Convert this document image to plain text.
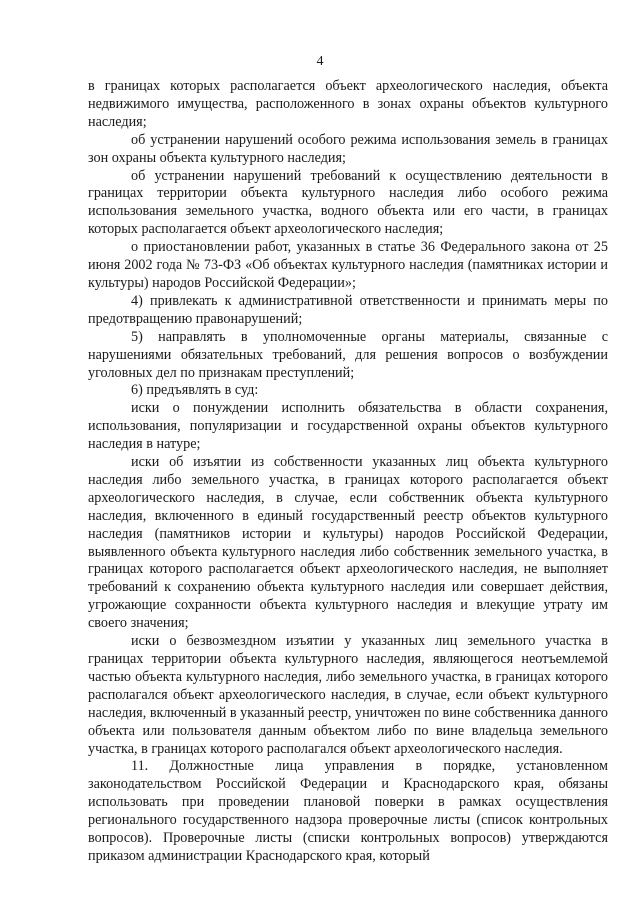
4

в границах которых располагается объект археологического наследия, объекта недвижимого имущества, расположенного в зонах охраны объектов культурного наследия;

об устранении нарушений особого режима использования земель в границах зон охраны объекта культурного наследия;

об устранении нарушений требований к осуществлению деятельности в границах территории объекта культурного наследия либо особого режима использования земельного участка, водного объекта или его части, в границах которых располагается объект археологического наследия;

о приостановлении работ, указанных в статье 36 Федерального закона от 25 июня 2002 года № 73-ФЗ «Об объектах культурного наследия (памятниках истории и культуры) народов Российской Федерации»;

4) привлекать к административной ответственности и принимать меры по предотвращению правонарушений;

5) направлять в уполномоченные органы материалы, связанные с нарушениями обязательных требований, для решения вопросов о возбуждении уголовных дел по признакам преступлений;

6) предъявлять в суд:

иски о понуждении исполнить обязательства в области сохранения, использования, популяризации и государственной охраны объектов культурного наследия в натуре;

иски об изъятии из собственности указанных лиц объекта культурного наследия либо земельного участка, в границах которого располагается объект археологического наследия, в случае, если собственник объекта культурного наследия, включенного в единый государственный реестр объектов культурного наследия (памятников истории и культуры) народов Российской Федерации, выявленного объекта культурного наследия либо собственник земельного участка, в границах которого располагается объект археологического наследия, не выполняет требований к сохранению объекта культурного наследия или совершает действия, угрожающие сохранности объекта культурного наследия и влекущие утрату им своего значения;

иски о безвозмездном изъятии у указанных лиц земельного участка в границах территории объекта культурного наследия, являющегося неотъемлемой частью объекта культурного наследия, либо земельного участка, в границах которого располагался объект археологического наследия, в случае, если объект культурного наследия, включенный в указанный реестр, уничтожен по вине собственника данного объекта или пользователя данным объектом либо по вине владельца земельного участка, в границах которого располагался объект археологического наследия.

11. Должностные лица управления в порядке, установленном законодательством Российской Федерации и Краснодарского края, обязаны использовать при проведении плановой поверки в рамках осуществления регионального государственного надзора проверочные листы (список контрольных вопросов). Проверочные листы (списки контрольных вопросов) утверждаются приказом администрации Краснодарского края, который
